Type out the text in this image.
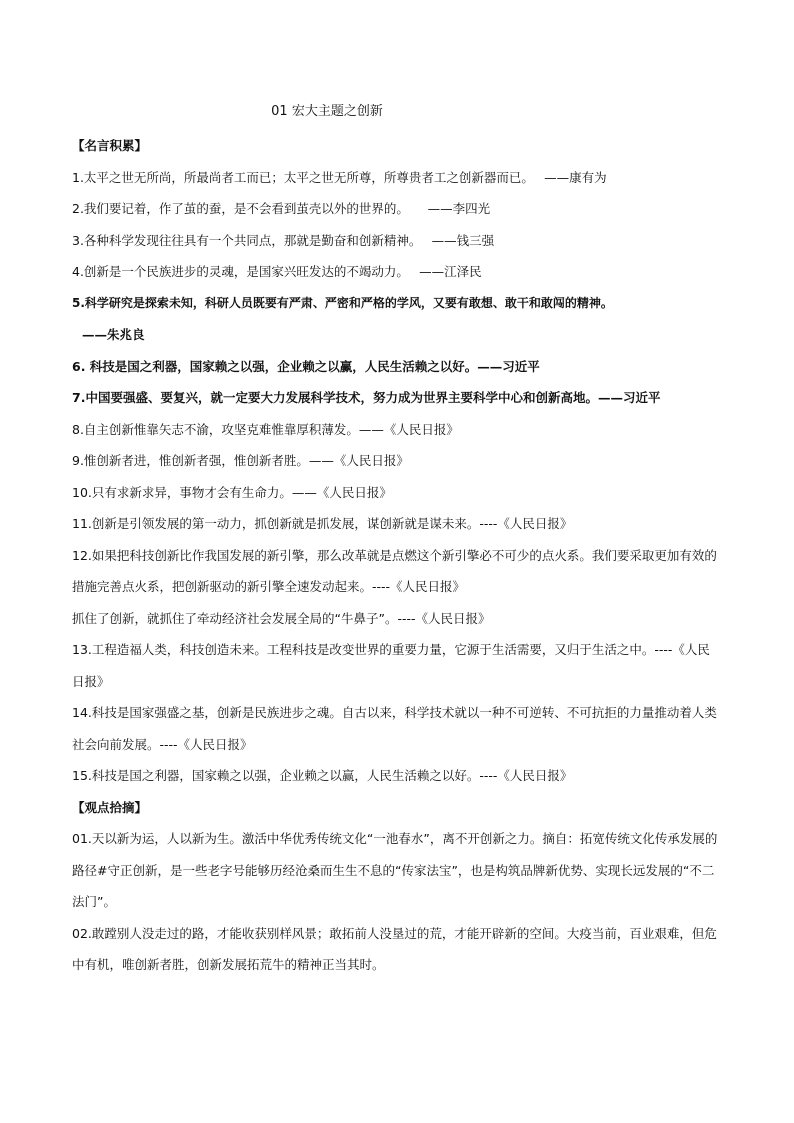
01 宏大主题之创新

【名言积累】

1.太平之世无所尚，所最尚者工而已；太平之世无所尊，所尊贵者工之创新器而已。　 ——康有为

2.我们要记着，作了茧的蚕，是不会看到茧壳以外的世界的。　　——李四光

3.各种科学发现往往具有一个共同点，那就是勤奋和创新精神。　 ——钱三强

4.创新是一个民族进步的灵魂，是国家兴旺发达的不竭动力。　 ——江泽民

5.科学研究是探索未知，科研人员既要有严肃、严密和严格的学风，又要有敢想、敢干和敢闯的精神。

——朱兆良

6. 科技是国之利器，国家赖之以强，企业赖之以赢，人民生活赖之以好。——习近平

7.中国要强盛、要复兴，就一定要大力发展科学技术，努力成为世界主要科学中心和创新高地。——习近平

8.自主创新惟靠矢志不渝，攻坚克难惟靠厚积薄发。——《人民日报》

9.惟创新者进，惟创新者强，惟创新者胜。——《人民日报》

10.只有求新求异，事物才会有生命力。——《人民日报》

11.创新是引领发展的第一动力，抓创新就是抓发展，谋创新就是谋未来。----《人民日报》

12.如果把科技创新比作我国发展的新引擎，那么改革就是点燃这个新引擎必不可少的点火系。我们要采取更加有效的措施完善点火系，把创新驱动的新引擎全速发动起来。----《人民日报》

抓住了创新，就抓住了牵动经济社会发展全局的“牛鼻子”。----《人民日报》

13.工程造福人类，科技创造未来。工程科技是改变世界的重要力量，它源于生活需要，又归于生活之中。----《人民日报》

14.科技是国家强盛之基，创新是民族进步之魂。自古以来，科学技术就以一种不可逆转、不可抗拒的力量推动着人类社会向前发展。----《人民日报》

15.科技是国之利器，国家赖之以强，企业赖之以赢，人民生活赖之以好。----《人民日报》

【观点拾摘】

01.天以新为运，人以新为生。激活中华优秀传统文化“一池春水”，离不开创新之力。摘自：拓宽传统文化传承发展的路径#守正创新，是一些老字号能够历经沧桑而生生不息的“传家法宝”，也是构筑品牌新优势、实现长远发展的“不二法门”。

02.敢蹚别人没走过的路，才能收获别样风景；敢拓前人没垦过的荒，才能开辟新的空间。大疫当前，百业艰难，但危中有机，唯创新者胜，创新发展拓荒牛的精神正当其时。
